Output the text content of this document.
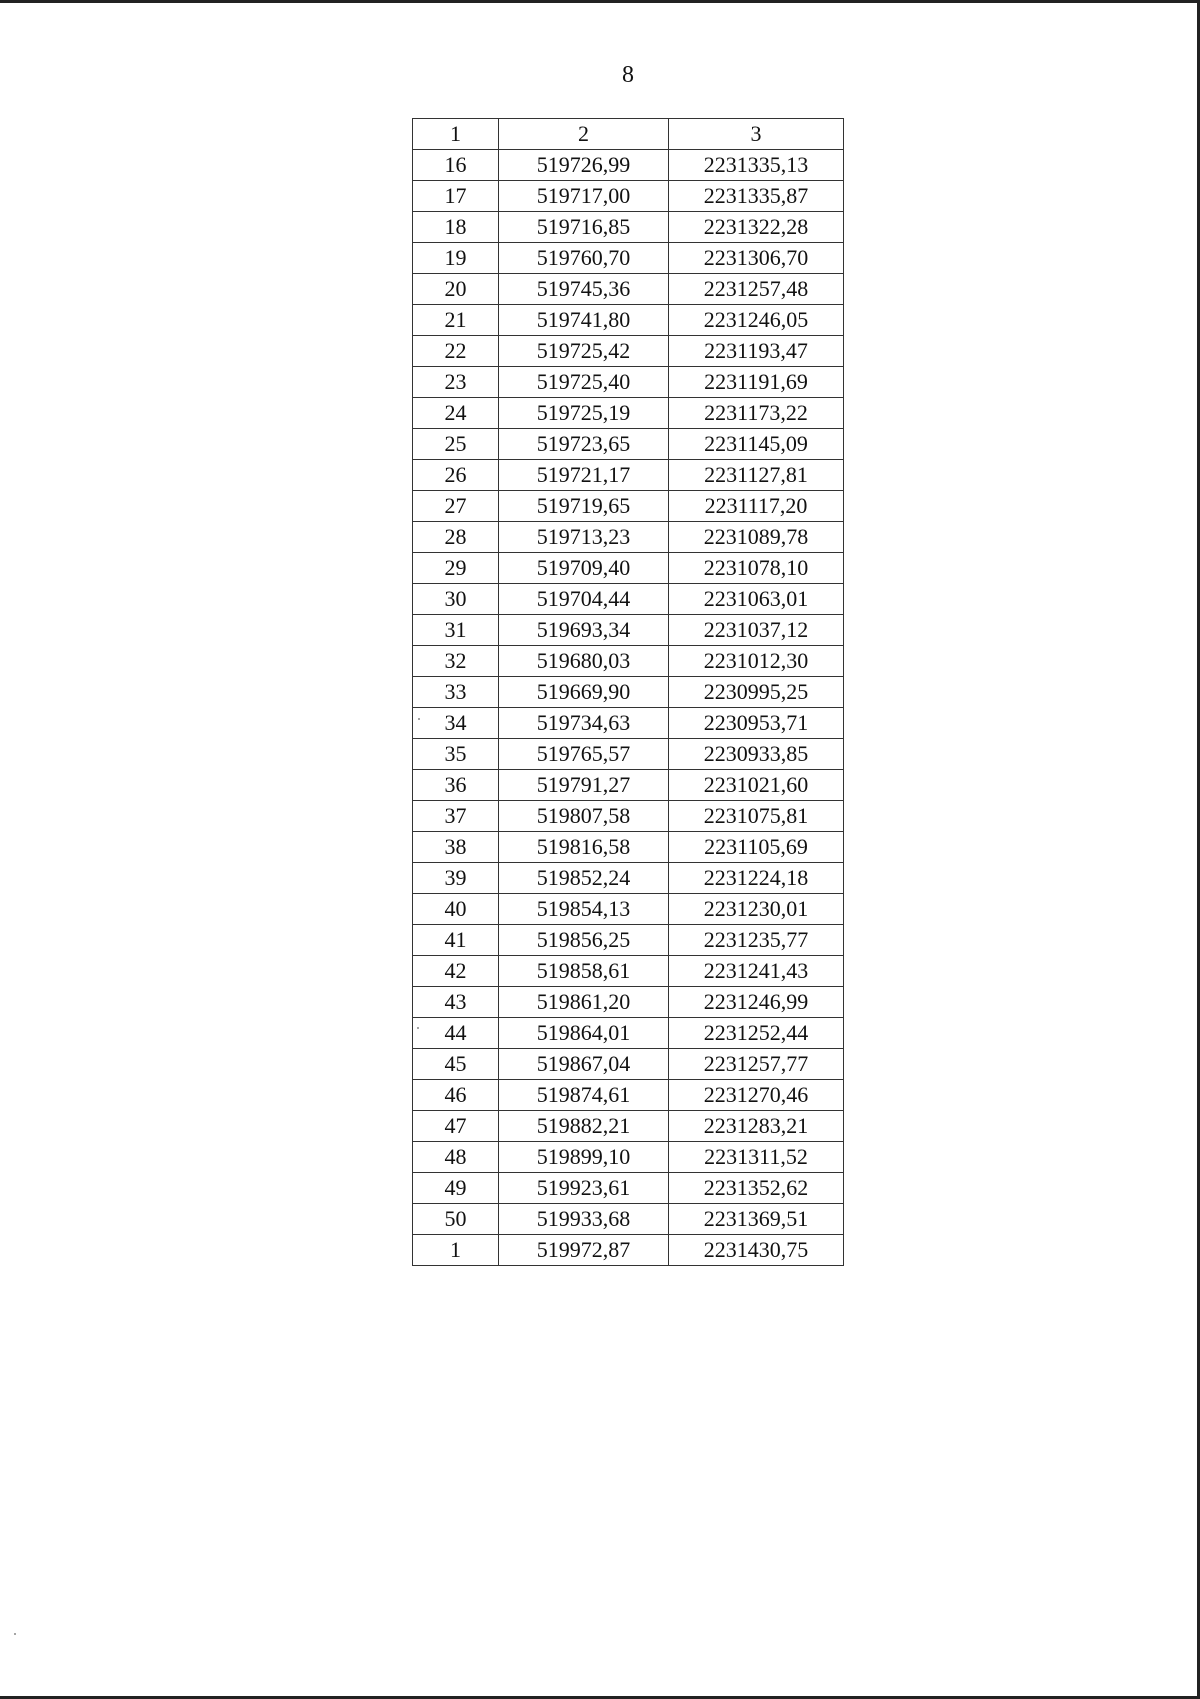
8
1	2	3
16	519726,99	2231335,13
17	519717,00	2231335,87
18	519716,85	2231322,28
19	519760,70	2231306,70
20	519745,36	2231257,48
21	519741,80	2231246,05
22	519725,42	2231193,47
23	519725,40	2231191,69
24	519725,19	2231173,22
25	519723,65	2231145,09
26	519721,17	2231127,81
27	519719,65	2231117,20
28	519713,23	2231089,78
29	519709,40	2231078,10
30	519704,44	2231063,01
31	519693,34	2231037,12
32	519680,03	2231012,30
33	519669,90	2230995,25
34	519734,63	2230953,71
35	519765,57	2230933,85
36	519791,27	2231021,60
37	519807,58	2231075,81
38	519816,58	2231105,69
39	519852,24	2231224,18
40	519854,13	2231230,01
41	519856,25	2231235,77
42	519858,61	2231241,43
43	519861,20	2231246,99
44	519864,01	2231252,44
45	519867,04	2231257,77
46	519874,61	2231270,46
47	519882,21	2231283,21
48	519899,10	2231311,52
49	519923,61	2231352,62
50	519933,68	2231369,51
1	519972,87	2231430,75
